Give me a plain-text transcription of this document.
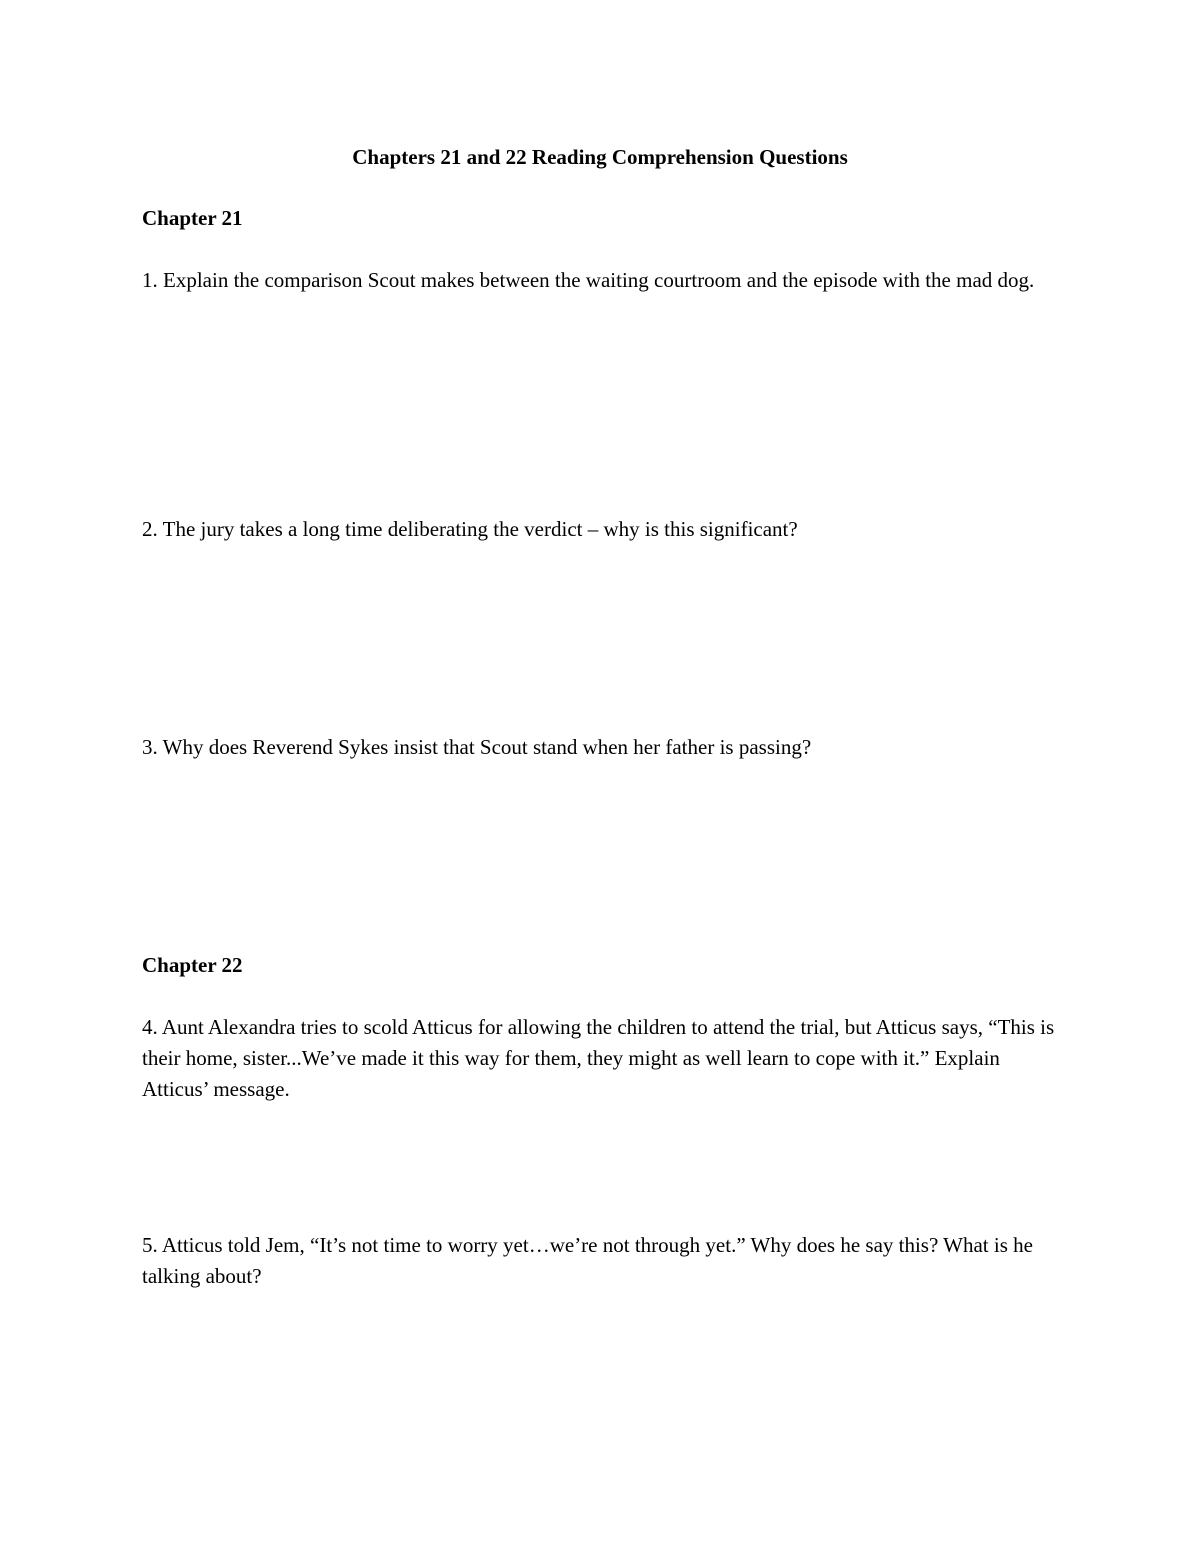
Chapters 21 and 22 Reading Comprehension Questions
Chapter 21

1. Explain the comparison Scout makes between the waiting courtroom and the episode with the mad dog.

2. The jury takes a long time deliberating the verdict – why is this significant?

3. Why does Reverend Sykes insist that Scout stand when her father is passing?

Chapter 22

4. Aunt Alexandra tries to scold Atticus for allowing the children to attend the trial, but Atticus says, “This is their home, sister...We’ve made it this way for them, they might as well learn to cope with it.” Explain Atticus’ message.

5. Atticus told Jem, “It’s not time to worry yet…we’re not through yet.” Why does he say this? What is he talking about?
